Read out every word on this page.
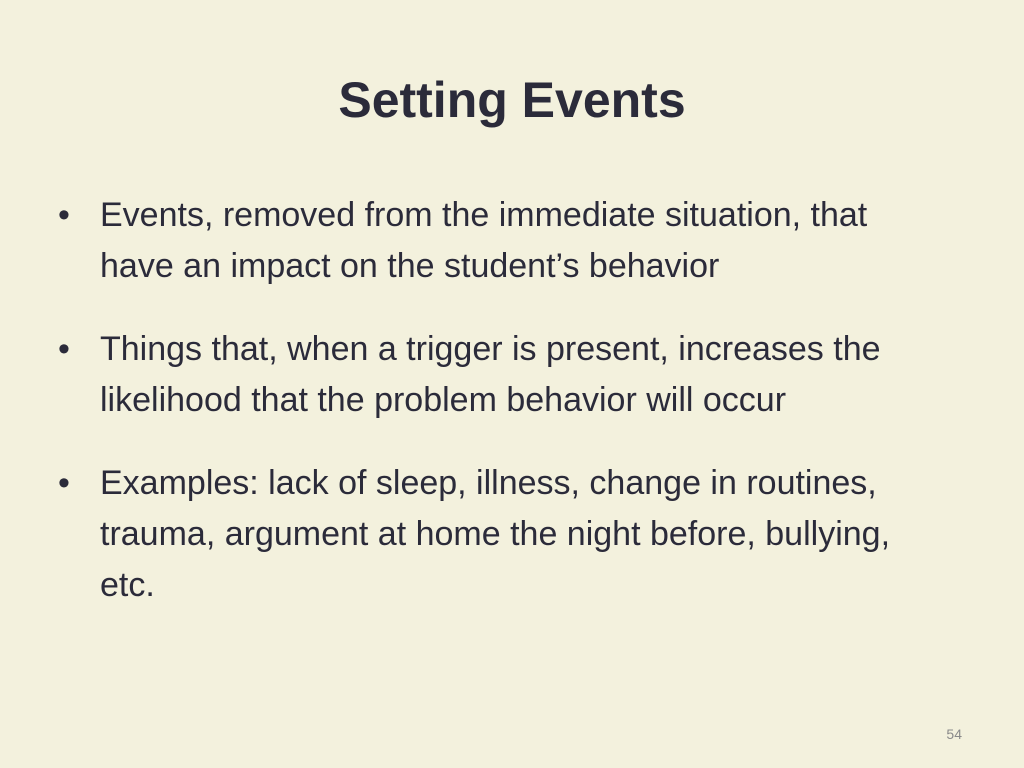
Setting Events
• Events, removed from the immediate situation, that have an impact on the student’s behavior
• Things that, when a trigger is present, increases the likelihood that the problem behavior will occur
• Examples: lack of sleep, illness, change in routines, trauma, argument at home the night before, bullying, etc.
54
